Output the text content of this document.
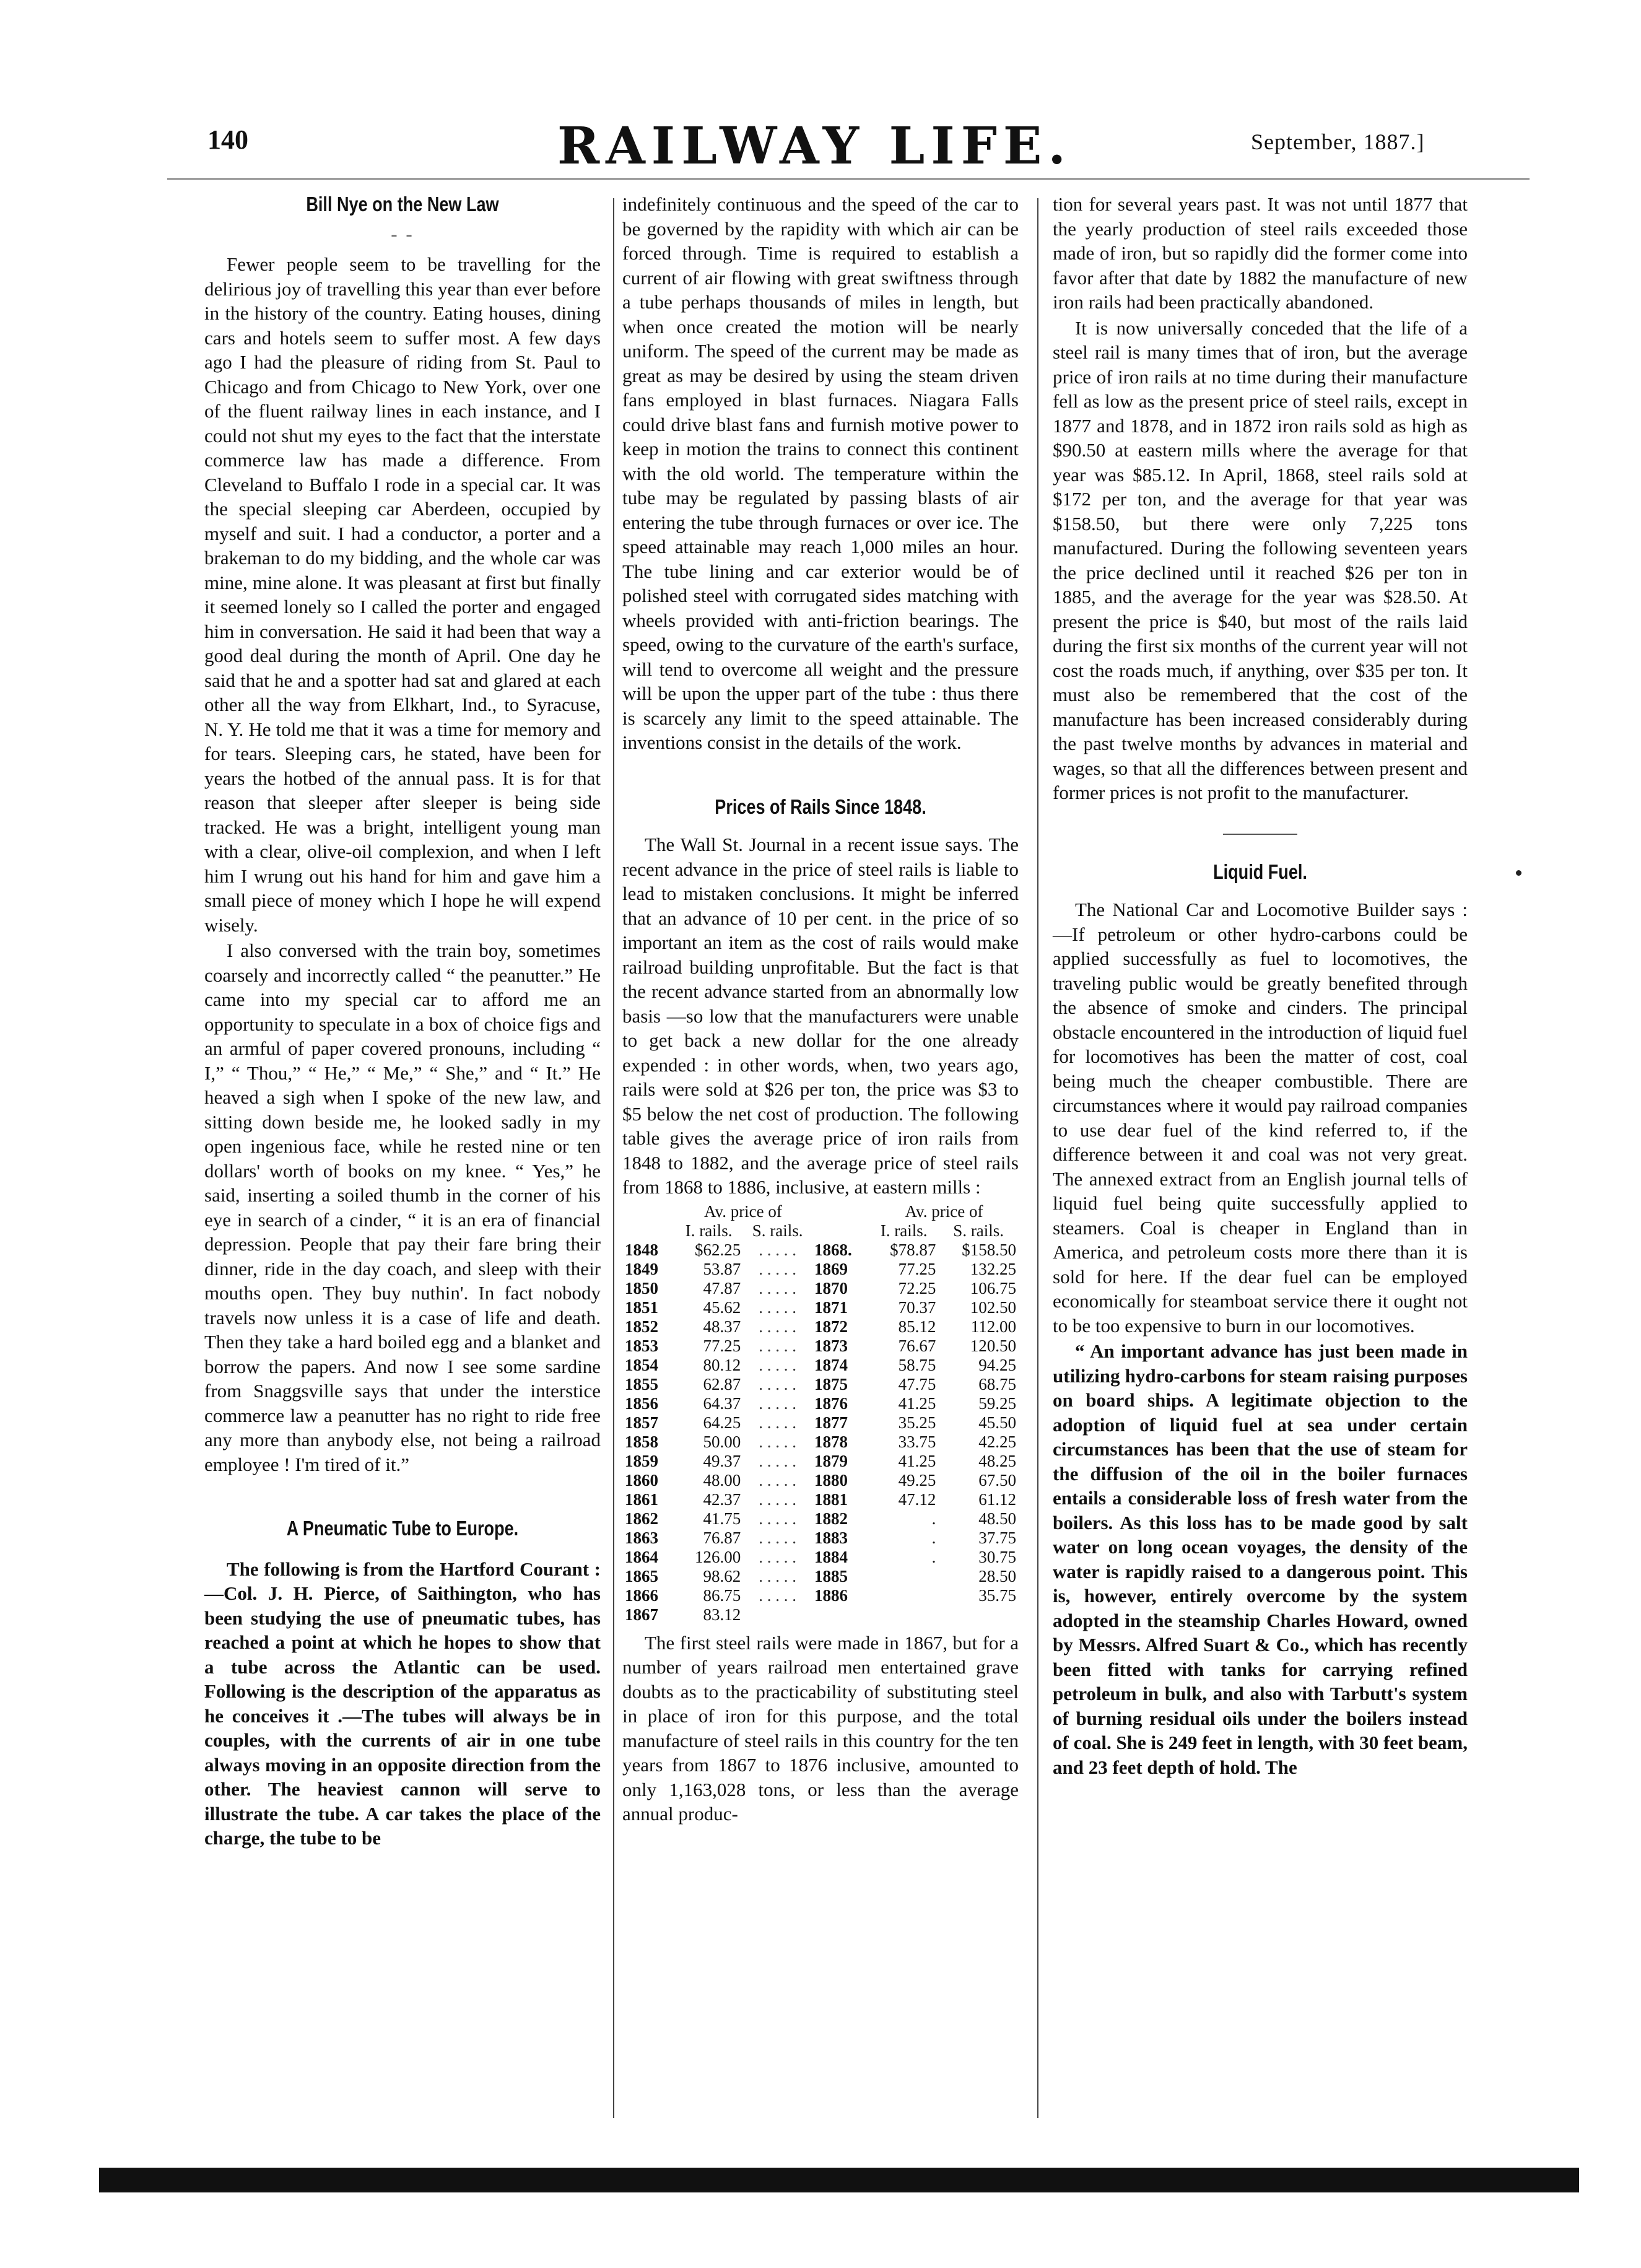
140	RAILWAY LIFE.	September, 1887.]
Bill Nye on the New Law
- -

Fewer people seem to be travelling for the delirious joy of travelling this year than ever before in the history of the country. Eating houses, dining cars and hotels seem to suffer most. A few days ago I had the pleasure of riding from St. Paul to Chicago and from Chicago to New York, over one of the fluent railway lines in each instance, and I could not shut my eyes to the fact that the interstate commerce law has made a difference. From Cleveland to Buffalo I rode in a special car. It was the special sleeping car Aberdeen, occupied by myself and suit. I had a conductor, a porter and a brakeman to do my bidding, and the whole car was mine, mine alone. It was pleasant at first but finally it seemed lonely so I called the porter and engaged him in conversation. He said it had been that way a good deal during the month of April. One day he said that he and a spotter had sat and glared at each other all the way from Elkhart, Ind., to Syracuse, N. Y. He told me that it was a time for memory and for tears. Sleeping cars, he stated, have been for years the hotbed of the annual pass. It is for that reason that sleeper after sleeper is being side tracked. He was a bright, intelligent young man with a clear, olive-oil complexion, and when I left him I wrung out his hand for him and gave him a small piece of money which I hope he will expend wisely.

I also conversed with the train boy, sometimes coarsely and incorrectly called “ the peanutter.” He came into my special car to afford me an opportunity to speculate in a box of choice figs and an armful of paper covered pronouns, including “ I,” “ Thou,” “ He,” “ Me,” “ She,” and “ It.” He heaved a sigh when I spoke of the new law, and sitting down beside me, he looked sadly in my open ingenious face, while he rested nine or ten dollars' worth of books on my knee. “ Yes,” he said, inserting a soiled thumb in the corner of his eye in search of a cinder, “ it is an era of financial depression. People that pay their fare bring their dinner, ride in the day coach, and sleep with their mouths open. They buy nuthin'. In fact nobody travels now unless it is a case of life and death. Then they take a hard boiled egg and a blanket and borrow the papers. And now I see some sardine from Snaggsville says that under the interstice commerce law a peanutter has no right to ride free any more than anybody else, not being a railroad employee ! I'm tired of it.”

A Pneumatic Tube to Europe.

The following is from the Hartford Courant :—Col. J. H. Pierce, of Saithington, who has been studying the use of pneumatic tubes, has reached a point at which he hopes to show that a tube across the Atlantic can be used. Following is the description of the apparatus as he conceives it .—The tubes will always be in couples, with the currents of air in one tube always moving in an opposite direction from the other. The heaviest cannon will serve to illustrate the tube. A car takes the place of the charge, the tube to be

indefinitely continuous and the speed of the car to be governed by the rapidity with which air can be forced through. Time is required to establish a current of air flowing with great swiftness through a tube perhaps thousands of miles in length, but when once created the motion will be nearly uniform. The speed of the current may be made as great as may be desired by using the steam driven fans employed in blast furnaces. Niagara Falls could drive blast fans and furnish motive power to keep in motion the trains to connect this continent with the old world. The temperature within the tube may be regulated by passing blasts of air entering the tube through furnaces or over ice. The speed attainable may reach 1,000 miles an hour. The tube lining and car exterior would be of polished steel with corrugated sides matching with wheels provided with anti-friction bearings. The speed, owing to the curvature of the earth's surface, will tend to overcome all weight and the pressure will be upon the upper part of the tube : thus there is scarcely any limit to the speed attainable. The inventions consist in the details of the work.

Prices of Rails Since 1848.

The Wall St. Journal in a recent issue says. The recent advance in the price of steel rails is liable to lead to mistaken conclusions. It might be inferred that an advance of 10 per cent. in the price of so important an item as the cost of rails would make railroad building unprofitable. But the fact is that the recent advance started from an abnormally low basis —so low that the manufacturers were unable to get back a new dollar for the one already expended : in other words, when, two years ago, rails were sold at $26 per ton, the price was $3 to $5 below the net cost of production. The following table gives the average price of iron rails from 1848 to 1882, and the average price of steel rails from 1868 to 1886, inclusive, at eastern mills :

	Av. price of			Av. price of	
	I. rails.	S. rails.		I. rails.	S. rails.
1848	$62.25	. . . . .	1868.	$78.87	$158.50
1849	53.87	. . . . .	1869	77.25	132.25
1850	47.87	. . . . .	1870	72.25	106.75
1851	45.62	. . . . .	1871	70.37	102.50
1852	48.37	. . . . .	1872	85.12	112.00
1853	77.25	. . . . .	1873	76.67	120.50
1854	80.12	. . . . .	1874	58.75	94.25
1855	62.87	. . . . .	1875	47.75	68.75
1856	64.37	. . . . .	1876	41.25	59.25
1857	64.25	. . . . .	1877	35.25	45.50
1858	50.00	. . . . .	1878	33.75	42.25
1859	49.37	. . . . .	1879	41.25	48.25
1860	48.00	. . . . .	1880	49.25	67.50
1861	42.37	. . . . .	1881	47.12	61.12
1862	41.75	. . . . .	1882	.	48.50
1863	76.87	. . . . .	1883	.	37.75
1864	126.00	. . . . .	1884	.	30.75
1865	98.62	. . . . .	1885		28.50
1866	86.75	. . . . .	1886		35.75
1867	83.12				

The first steel rails were made in 1867, but for a number of years railroad men entertained grave doubts as to the practicability of substituting steel in place of iron for this purpose, and the total manufacture of steel rails in this country for the ten years from 1867 to 1876 inclusive, amounted to only 1,163,028 tons, or less than the average annual produc-

tion for several years past. It was not until 1877 that the yearly production of steel rails exceeded those made of iron, but so rapidly did the former come into favor after that date by 1882 the manufacture of new iron rails had been practically abandoned.

It is now universally conceded that the life of a steel rail is many times that of iron, but the average price of iron rails at no time during their manufacture fell as low as the present price of steel rails, except in 1877 and 1878, and in 1872 iron rails sold as high as $90.50 at eastern mills where the average for that year was $85.12. In April, 1868, steel rails sold at $172 per ton, and the average for that year was $158.50, but there were only 7,225 tons manufactured. During the following seventeen years the price declined until it reached $26 per ton in 1885, and the average for the year was $28.50. At present the price is $40, but most of the rails laid during the first six months of the current year will not cost the roads much, if anything, over $35 per ton. It must also be remembered that the cost of the manufacture has been increased considerably during the past twelve months by advances in material and wages, so that all the differences between present and former prices is not profit to the manufacturer.

Liquid Fuel.

The National Car and Locomotive Builder says :—If petroleum or other hydro-carbons could be applied successfully as fuel to locomotives, the traveling public would be greatly benefited through the absence of smoke and cinders. The principal obstacle encountered in the introduction of liquid fuel for locomotives has been the matter of cost, coal being much the cheaper combustible. There are circumstances where it would pay railroad companies to use dear fuel of the kind referred to, if the difference between it and coal was not very great. The annexed extract from an English journal tells of liquid fuel being quite successfully applied to steamers. Coal is cheaper in England than in America, and petroleum costs more there than it is sold for here. If the dear fuel can be employed economically for steamboat service there it ought not to be too expensive to burn in our locomotives.

“ An important advance has just been made in utilizing hydro-carbons for steam raising purposes on board ships. A legitimate objection to the adoption of liquid fuel at sea under certain circumstances has been that the use of steam for the diffusion of the oil in the boiler furnaces entails a considerable loss of fresh water from the boilers. As this loss has to be made good by salt water on long ocean voyages, the density of the water is rapidly raised to a dangerous point. This is, however, entirely overcome by the system adopted in the steamship Charles Howard, owned by Messrs. Alfred Suart & Co., which has recently been fitted with tanks for carrying refined petroleum in bulk, and also with Tarbutt's system of burning residual oils under the boilers instead of coal. She is 249 feet in length, with 30 feet beam, and 23 feet depth of hold. The
